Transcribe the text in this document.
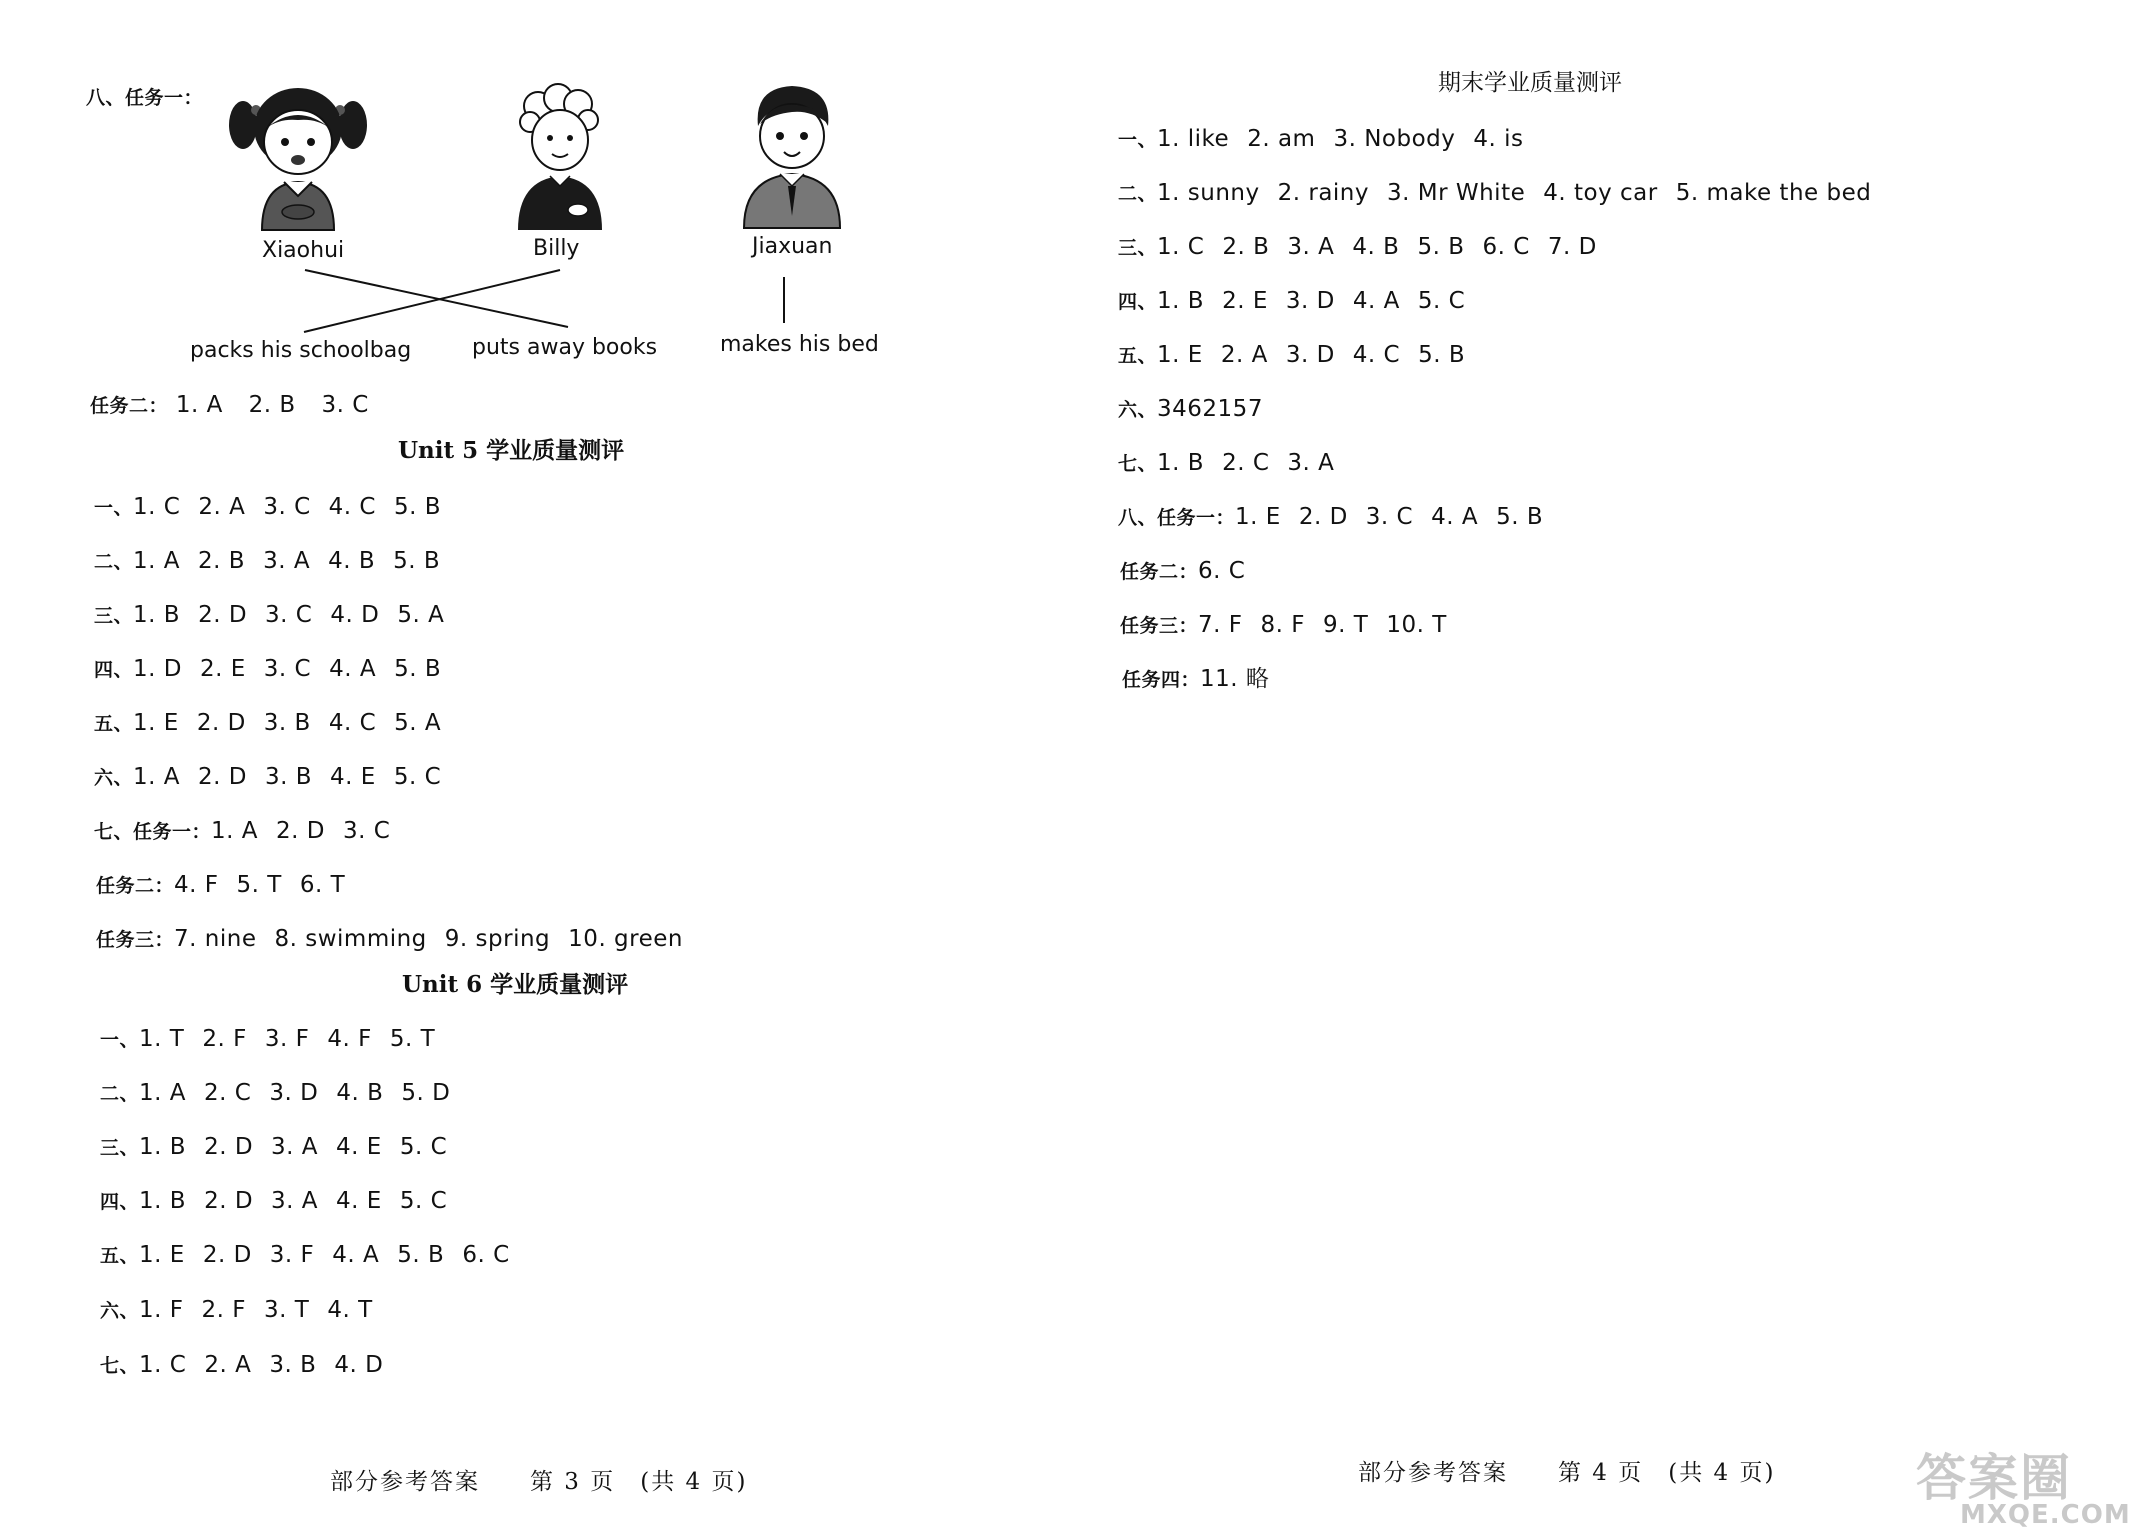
八、任务一：
Xiaohui	Billy	Jiaxuan
packs his schoolbag	puts away books	makes his bed
任务二： 1. A 2. B 3. C
Unit 5 学业质量测评
一、1. C 2. A 3. C 4. C 5. B
二、1. A 2. B 3. A 4. B 5. B
三、1. B 2. D 3. C 4. D 5. A
四、1. D 2. E 3. C 4. A 5. B
五、1. E 2. D 3. B 4. C 5. A
六、1. A 2. D 3. B 4. E 5. C
七、任务一：1. A 2. D 3. C
任务二：4. F 5. T 6. T
任务三：7. nine 8. swimming 9. spring 10. green
Unit 6 学业质量测评
一、1. T 2. F 3. F 4. F 5. T
二、1. A 2. C 3. D 4. B 5. D
三、1. B 2. D 3. A 4. E 5. C
四、1. B 2. D 3. A 4. E 5. C
五、1. E 2. D 3. F 4. A 5. B 6. C
六、1. F 2. F 3. T 4. T
七、1. C 2. A 3. B 4. D
部分参考答案　　第 3 页　(共 4 页)
期末学业质量测评
一、1. like 2. am 3. Nobody 4. is
二、1. sunny 2. rainy 3. Mr White 4. toy car 5. make the bed
三、1. C 2. B 3. A 4. B 5. B 6. C 7. D
四、1. B 2. E 3. D 4. A 5. C
五、1. E 2. A 3. D 4. C 5. B
六、3462157
七、1. B 2. C 3. A
八、任务一：1. E 2. D 3. C 4. A 5. B
任务二：6. C
任务三：7. F 8. F 9. T 10. T
任务四：11. 略
部分参考答案　　第 4 页　(共 4 页)	答案圈
MXQE.COM
